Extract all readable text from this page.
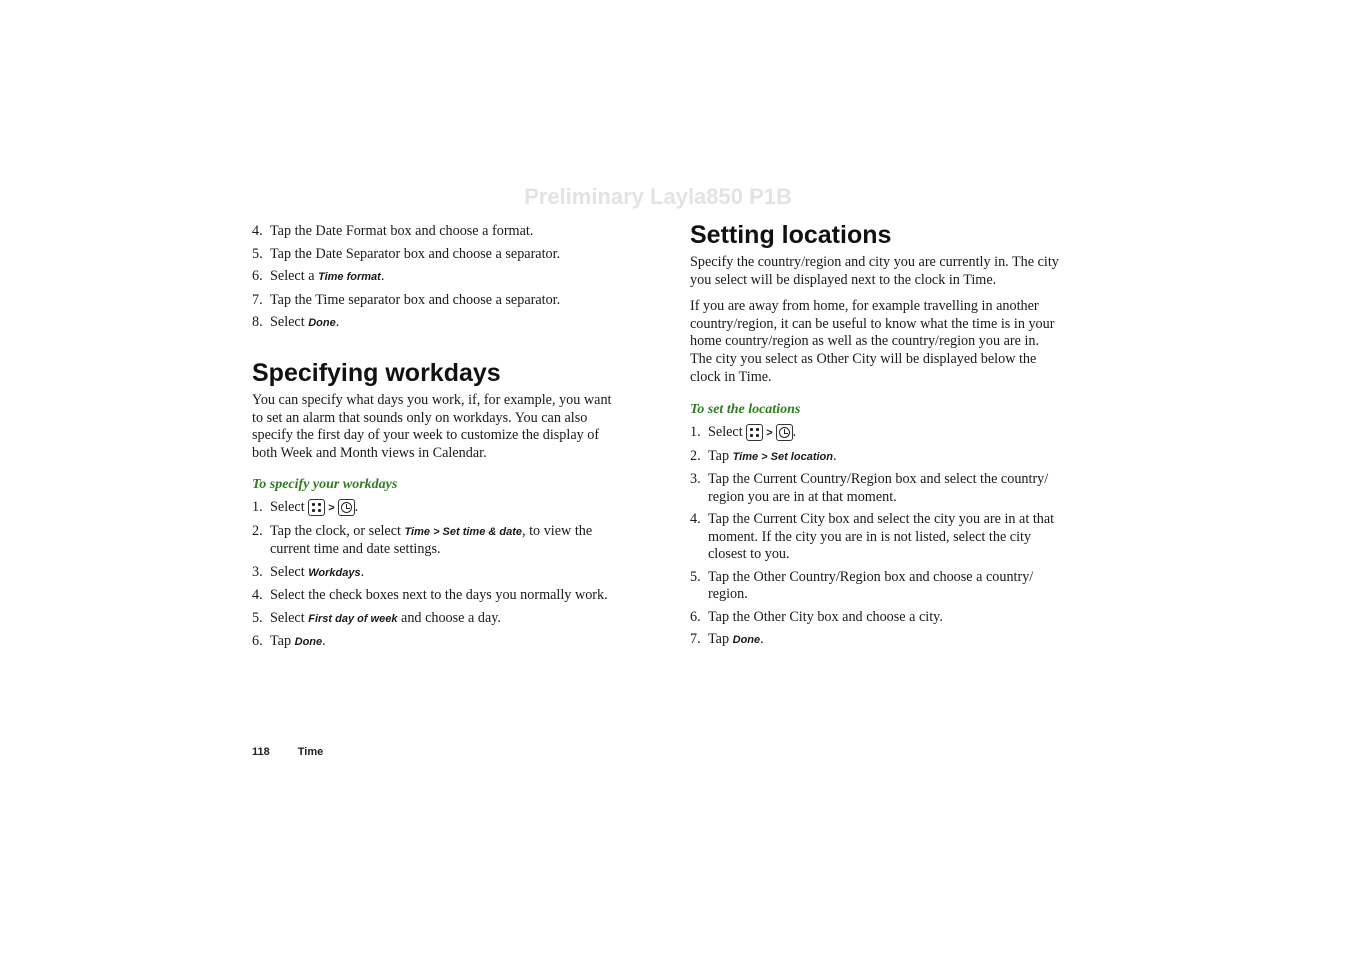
Preliminary Layla850 P1B
4. Tap the Date Format box and choose a format.
5. Tap the Date Separator box and choose a separator.
6. Select a Time format.
7. Tap the Time separator box and choose a separator.
8. Select Done.
Specifying workdays

You can specify what days you work, if, for example, you want to set an alarm that sounds only on workdays. You can also specify the first day of your week to customize the display of both Week and Month views in Calendar.

To specify your workdays
1. Select > .
2. Tap the clock, or select Time > Set time & date, to view the current time and date settings.
3. Select Workdays.
4. Select the check boxes next to the days you normally work.
5. Select First day of week and choose a day.
6. Tap Done.
Setting locations

Specify the country/region and city you are currently in. The city you select will be displayed next to the clock in Time.

If you are away from home, for example travelling in another country/region, it can be useful to know what the time is in your home country/region as well as the country/region you are in. The city you select as Other City will be displayed below the clock in Time.

To set the locations
1. Select > .
2. Tap Time > Set location.
3. Tap the Current Country/Region box and select the country/ region you are in at that moment.
4. Tap the Current City box and select the city you are in at that moment. If the city you are in is not listed, select the city closest to you.
5. Tap the Other Country/Region box and choose a country/ region.
6. Tap the Other City box and choose a city.
7. Tap Done.
118	Time
